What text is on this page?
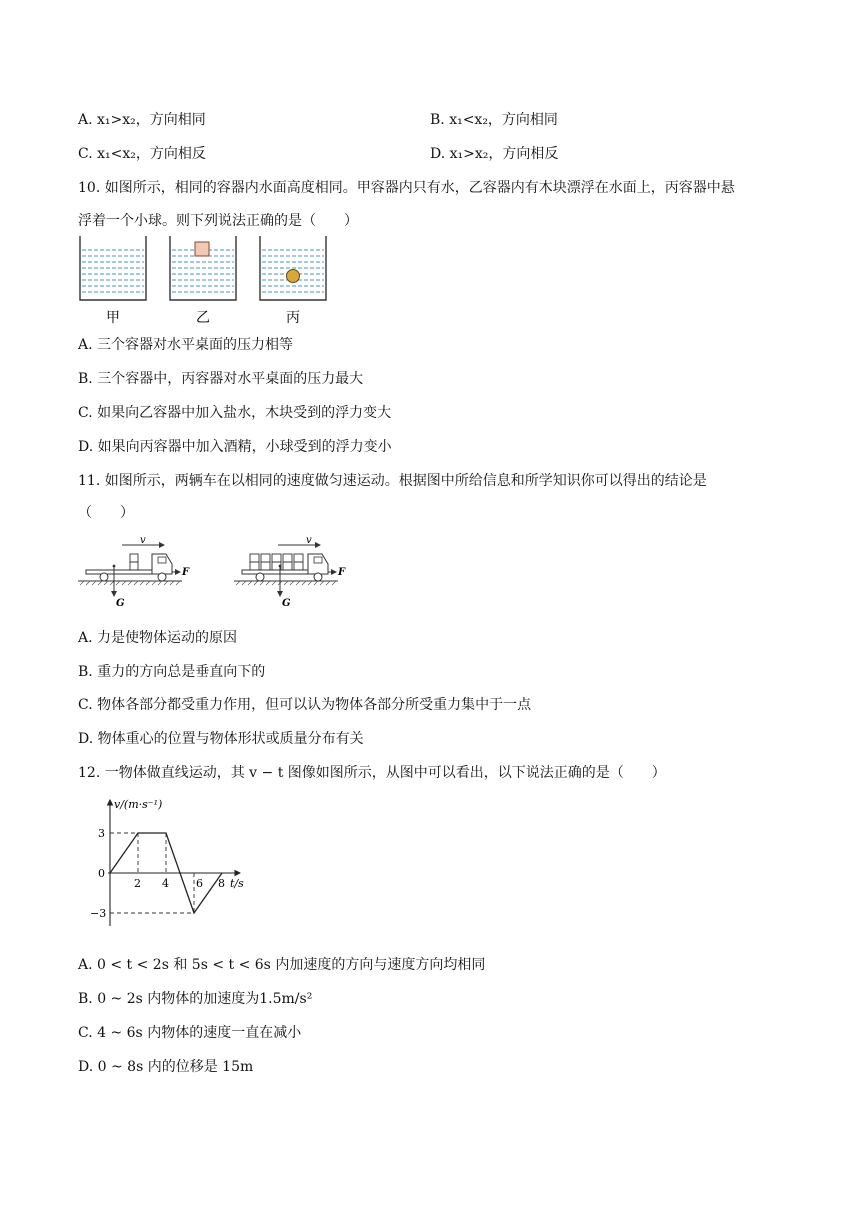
A. x₁>x₂，方向相同	B. x₁<x₂，方向相同
C. x₁<x₂，方向相反	D. x₁>x₂，方向相反
10. 如图所示，相同的容器内水面高度相同。甲容器内只有水，乙容器内有木块漂浮在水面上，丙容器中悬
浮着一个小球。则下列说法正确的是（　　）
甲	乙	丙
A. 三个容器对水平桌面的压力相等
B. 三个容器中，丙容器对水平桌面的压力最大
C. 如果向乙容器中加入盐水，木块受到的浮力变大
D. 如果向丙容器中加入酒精，小球受到的浮力变小
11. 如图所示，两辆车在以相同的速度做匀速运动。根据图中所给信息和所学知识你可以得出的结论是
（　　）
v
F
G
v
F
G
A. 力是使物体运动的原因
B. 重力的方向总是垂直向下的
C. 物体各部分都受重力作用，但可以认为物体各部分所受重力集中于一点
D. 物体重心的位置与物体形状或质量分布有关
12. 一物体做直线运动，其 v − t 图像如图所示，从图中可以看出，以下说法正确的是（　　）
v/(m·s⁻¹)
t/s
3
0
−3
2 4 6 8
A. 0 < t < 2s 和 5s < t < 6s 内加速度的方向与速度方向均相同
B. 0 ~ 2s 内物体的加速度为1.5m/s²
C. 4 ~ 6s 内物体的速度一直在减小
D. 0 ~ 8s 内的位移是 15m
